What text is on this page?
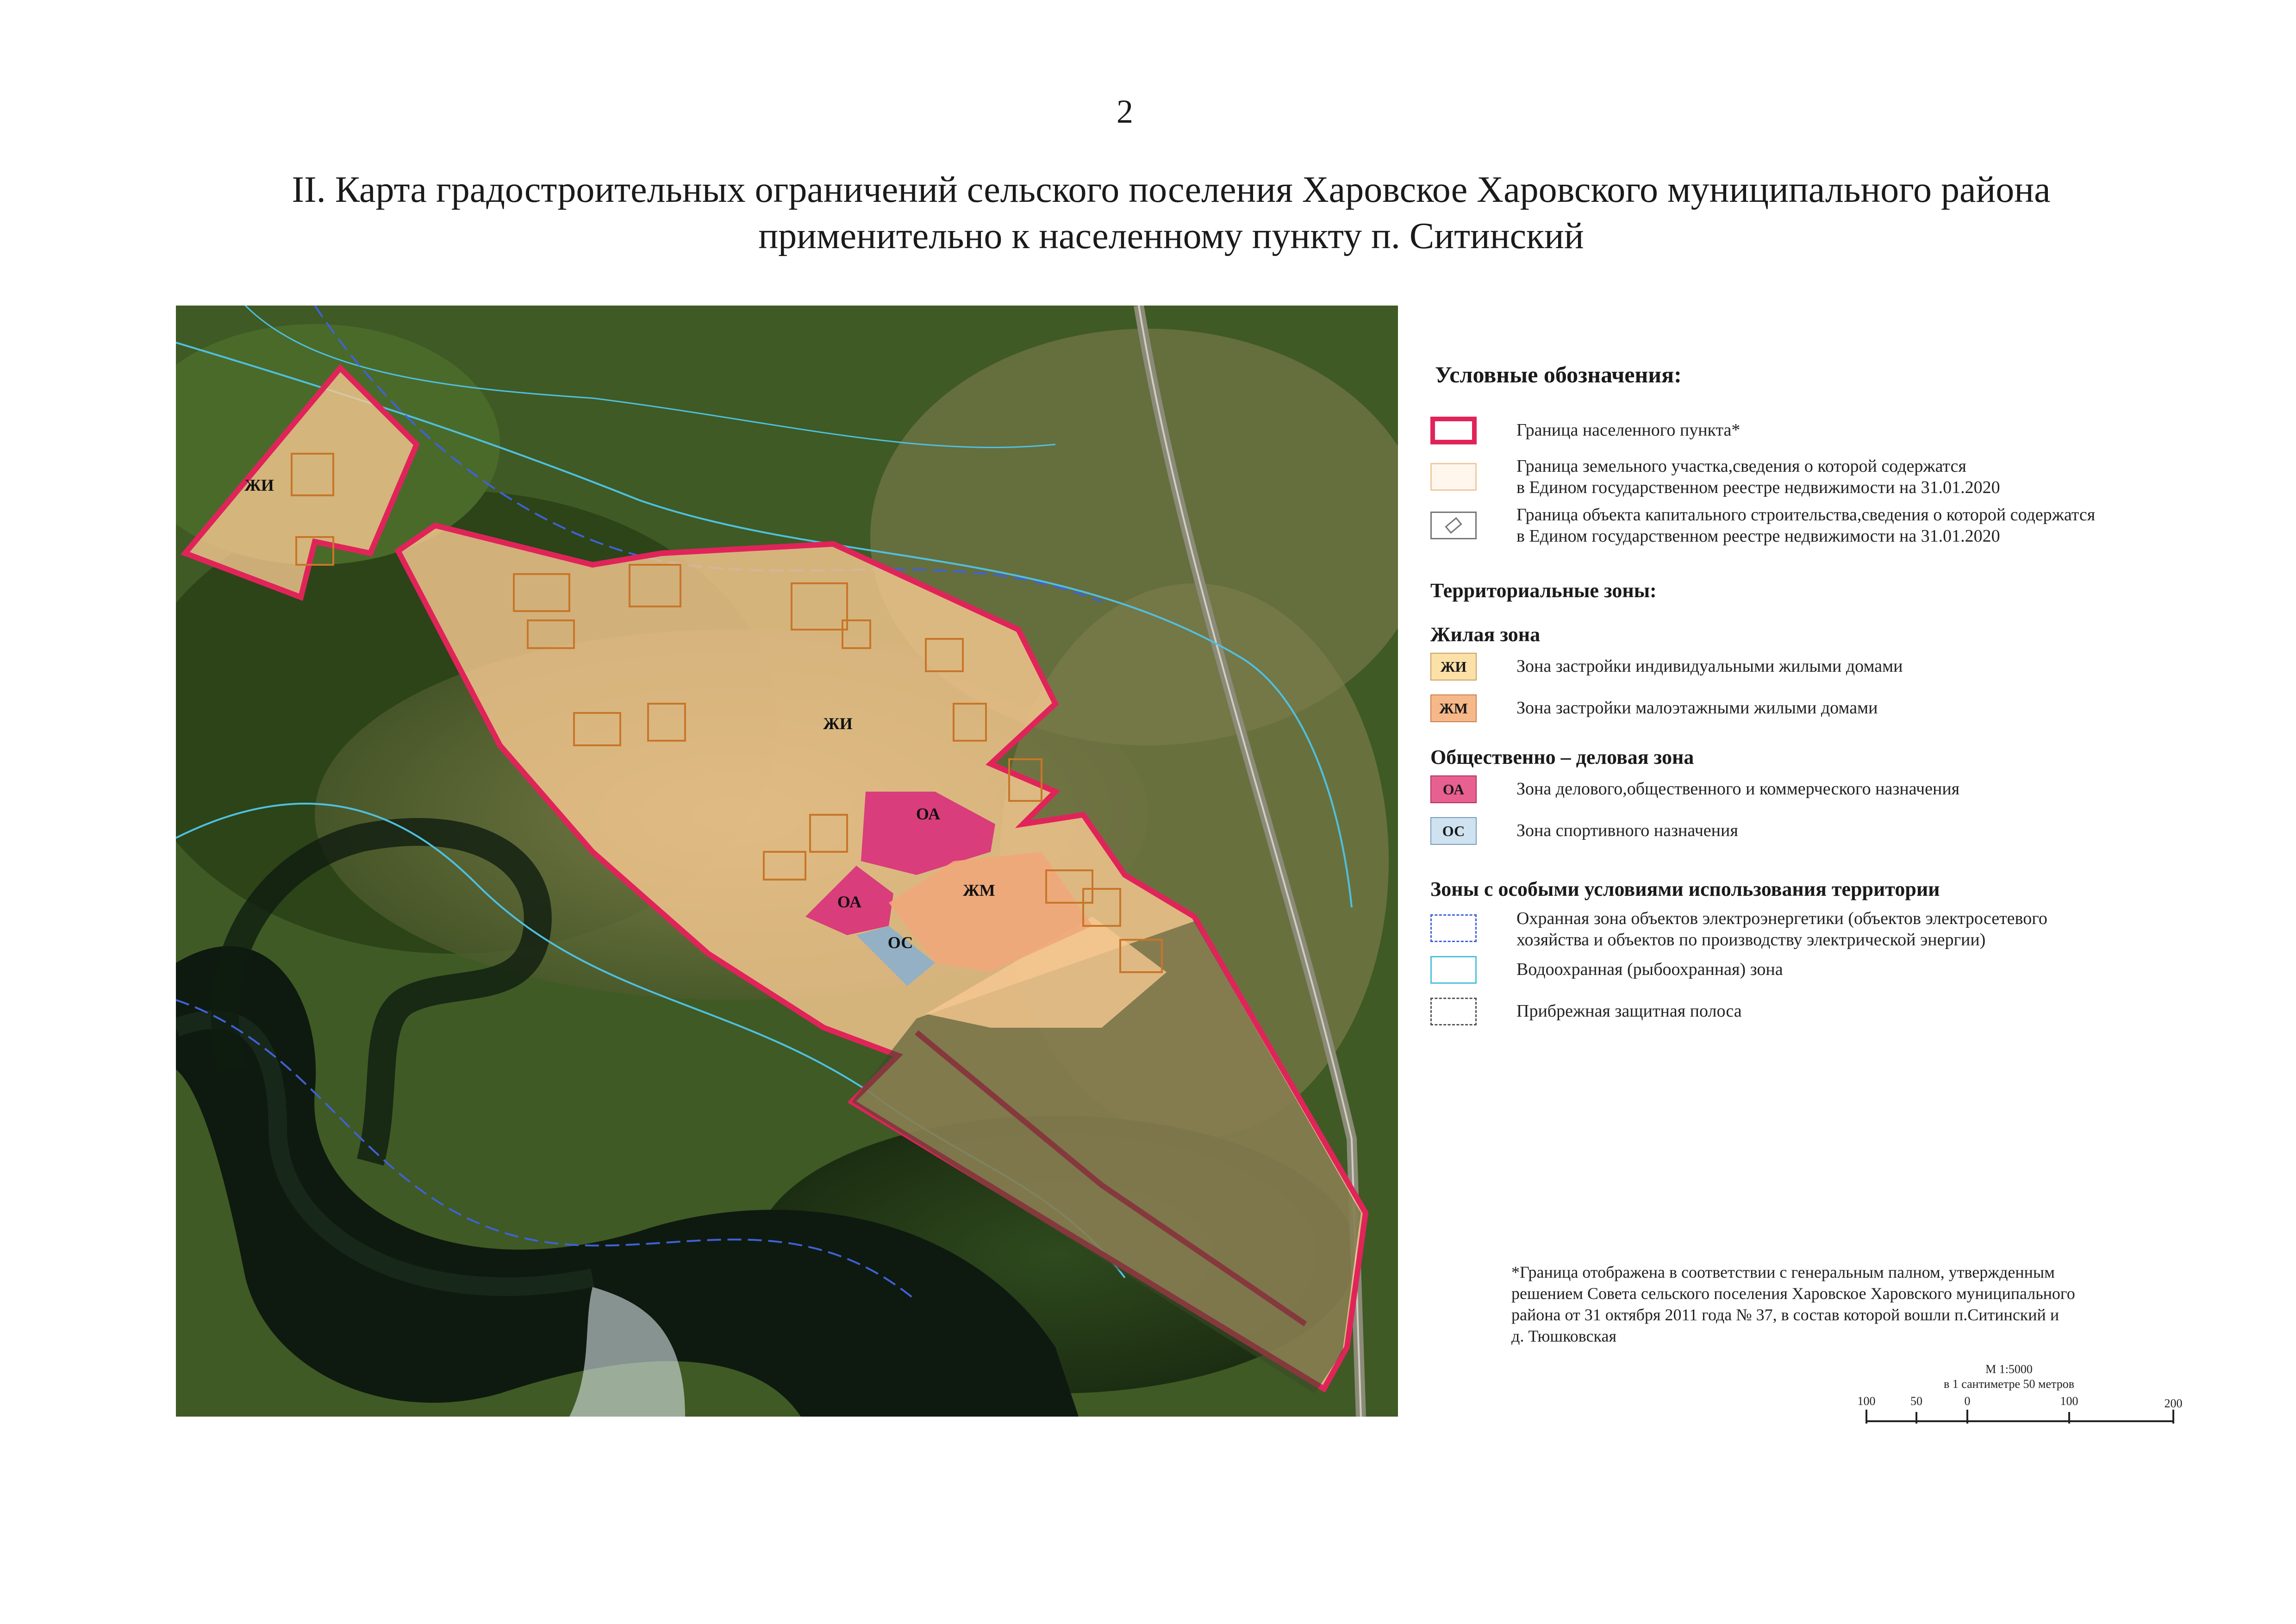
2
II. Карта градостроительных ограничений сельского поселения Харовское Харовского муниципального района
применительно к населенному пункту п. Ситинский
ЖИ
ЖИ
ОА
ОА
ЖМ
ОС
Условные обозначения:
Граница населенного пункта*
Граница земельного участка,сведения о которой содержатся
в Едином государственном реестре недвижимости на 31.01.2020
Граница объекта капитального строительства,сведения о которой содержатся
в Едином государственном реестре недвижимости на 31.01.2020
Территориальные зоны:
Жилая зона
ЖИ	Зона застройки индивидуальными жилыми домами
ЖМ	Зона застройки малоэтажными жилыми домами
Общественно – деловая зона
ОА	Зона делового,общественного и коммерческого назначения
ОС	Зона спортивного назначения
Зоны с особыми условиями использования территории
Охранная зона объектов электроэнергетики (объектов электросетевого
хозяйства и объектов по производству электрической энергии)
Водоохранная (рыбоохранная) зона
Прибрежная защитная полоса
*Граница отображена в соответствии с генеральным палном, утвержденным
решением Совета сельского поселения Харовское Харовского муниципального
района от 31 октября 2011 года № 37, в состав которой вошли п.Ситинский и
д. Тюшковская
М 1:5000
в 1 сантиметре 50 метров
100	50	0	100	200
